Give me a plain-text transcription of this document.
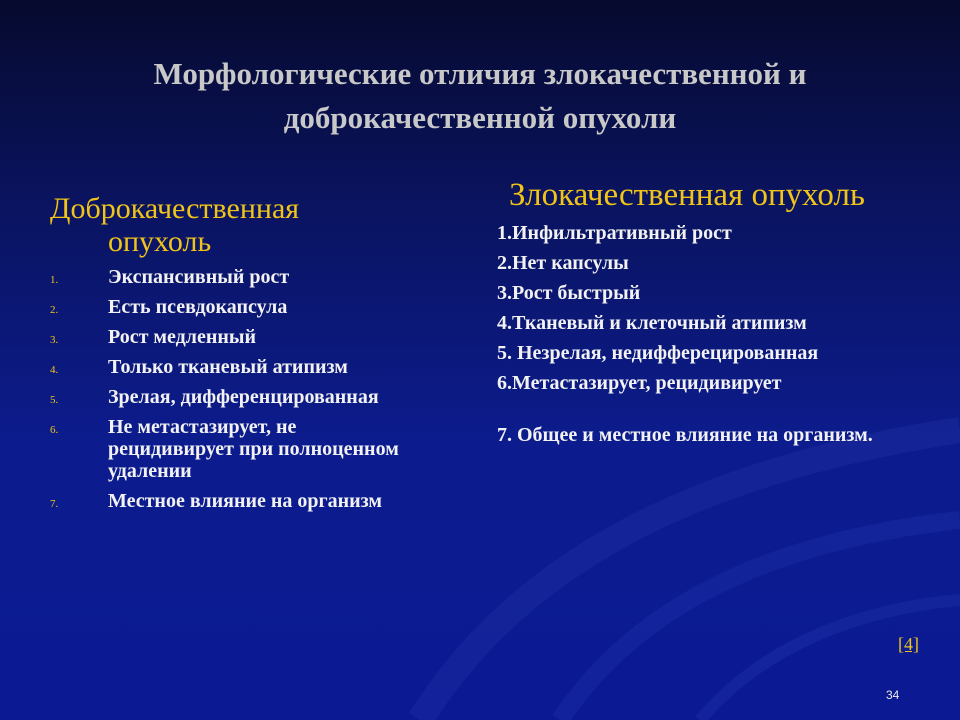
Морфологические отличия злокачественной и доброкачественной опухоли
Доброкачественная опухоль
1. Экспансивный рост
2. Есть псевдокапсула
3. Рост медленный
4. Только тканевый атипизм
5. Зрелая, дифференцированная
6. Не метастазирует, не рецидивирует при полноценном удалении
7. Местное влияние на организм
Злокачественная опухоль
1.Инфильтративный рост
2.Нет капсулы
3.Рост быстрый
4.Тканевый и клеточный атипизм
5. Незрелая, недифферецированная
6.Метастазирует, рецидивирует
7. Общее и местное влияние на организм.
[4]
34
